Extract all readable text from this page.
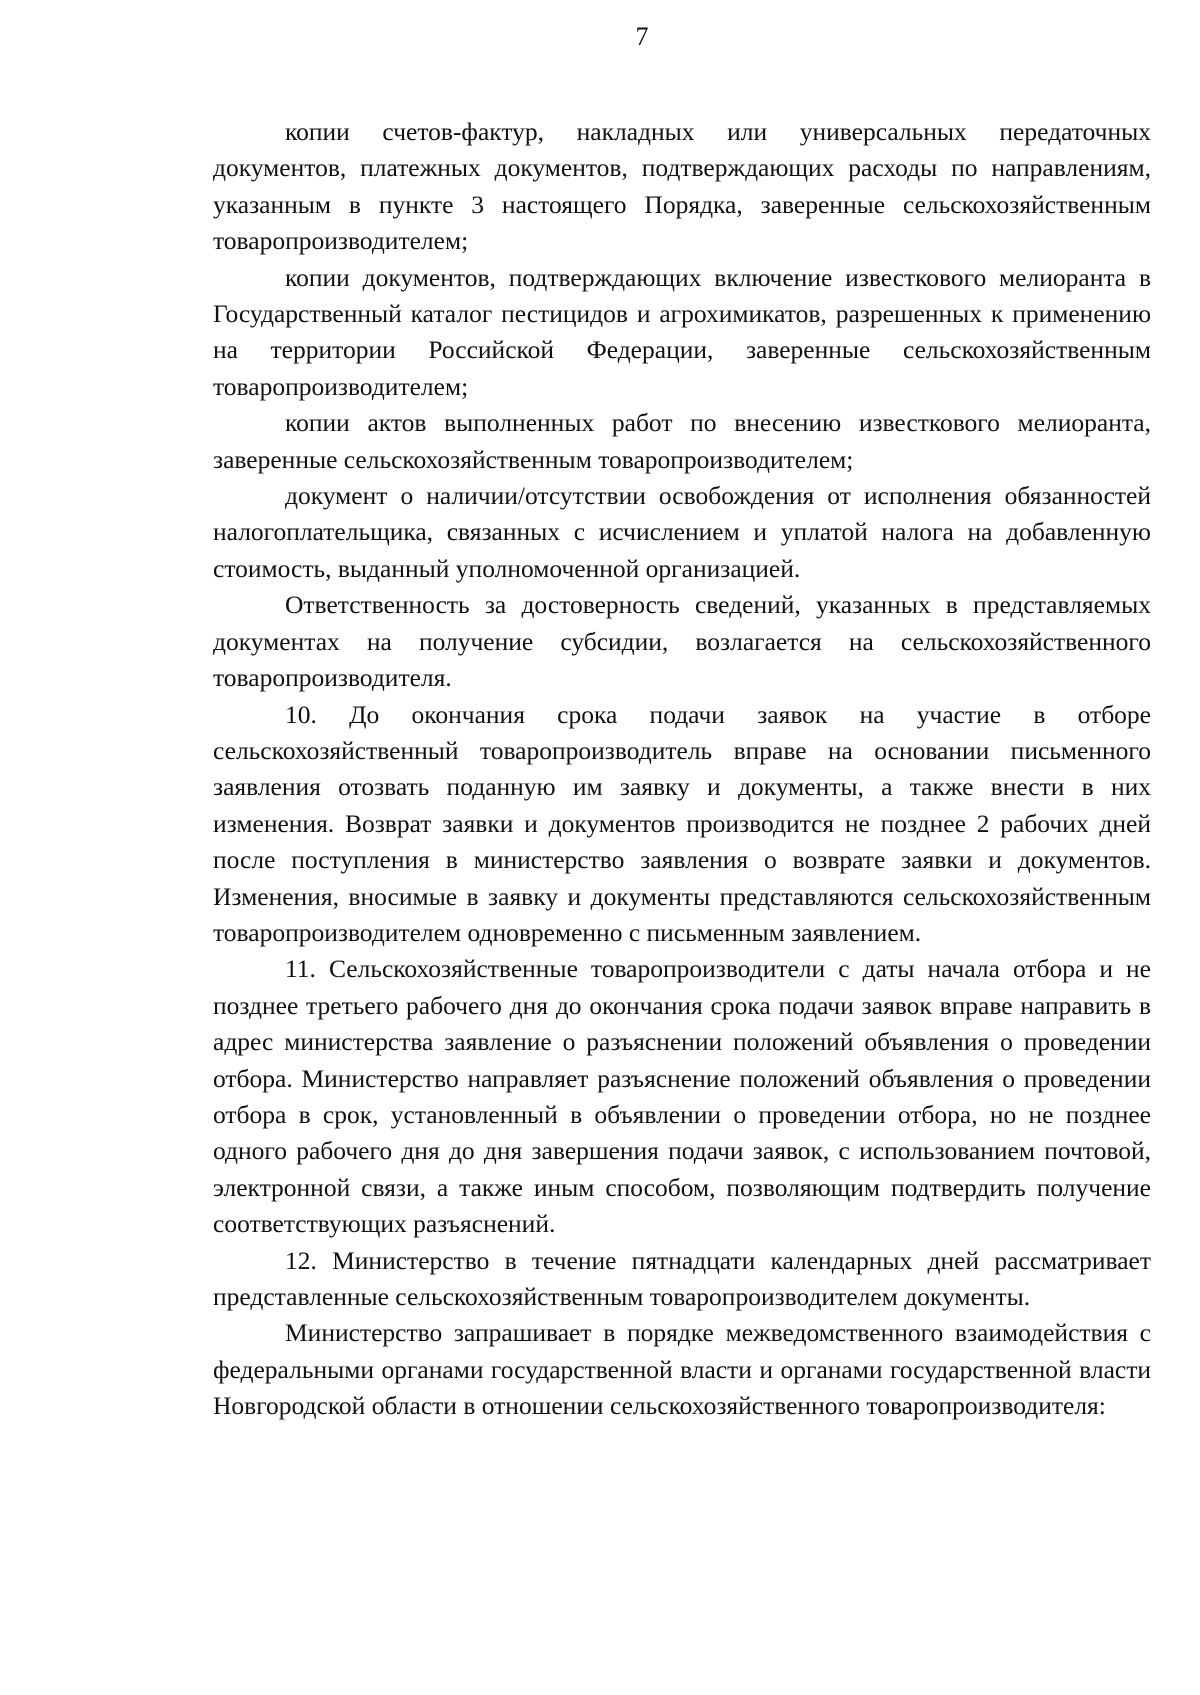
7

копии счетов-фактур, накладных или универсальных передаточных документов, платежных документов, подтверждающих расходы по направлениям, указанным в пункте 3 настоящего Порядка, заверенные сельскохозяйственным товаропроизводителем;

копии документов, подтверждающих включение известкового мелиоранта в Государственный каталог пестицидов и агрохимикатов, разрешенных к применению на территории Российской Федерации, заверенные сельскохозяйственным товаропроизводителем;

копии актов выполненных работ по внесению известкового мелиоранта, заверенные сельскохозяйственным товаропроизводителем;

документ о наличии/отсутствии освобождения от исполнения обязанностей налогоплательщика, связанных с исчислением и уплатой налога на добавленную стоимость, выданный уполномоченной организацией.

Ответственность за достоверность сведений, указанных в представляемых документах на получение субсидии, возлагается на сельскохозяйственного товаропроизводителя.

10. До окончания срока подачи заявок на участие в отборе сельскохозяйственный товаропроизводитель вправе на основании письменного заявления отозвать поданную им заявку и документы, а также внести в них изменения. Возврат заявки и документов производится не позднее 2 рабочих дней после поступления в министерство заявления о возврате заявки и документов. Изменения, вносимые в заявку и документы представляются сельскохозяйственным товаропроизводителем одновременно с письменным заявлением.

11. Сельскохозяйственные товаропроизводители с даты начала отбора и не позднее третьего рабочего дня до окончания срока подачи заявок вправе направить в адрес министерства заявление о разъяснении положений объявления о проведении отбора. Министерство направляет разъяснение положений объявления о проведении отбора в срок, установленный в объявлении о проведении отбора, но не позднее одного рабочего дня до дня завершения подачи заявок, с использованием почтовой, электронной связи, а также иным способом, позволяющим подтвердить получение соответствующих разъяснений.

12. Министерство в течение пятнадцати календарных дней рассматривает представленные сельскохозяйственным товаропроизводителем документы.

Министерство запрашивает в порядке межведомственного взаимодействия с федеральными органами государственной власти и органами государственной власти Новгородской области в отношении сельскохозяйственного товаропроизводителя:
